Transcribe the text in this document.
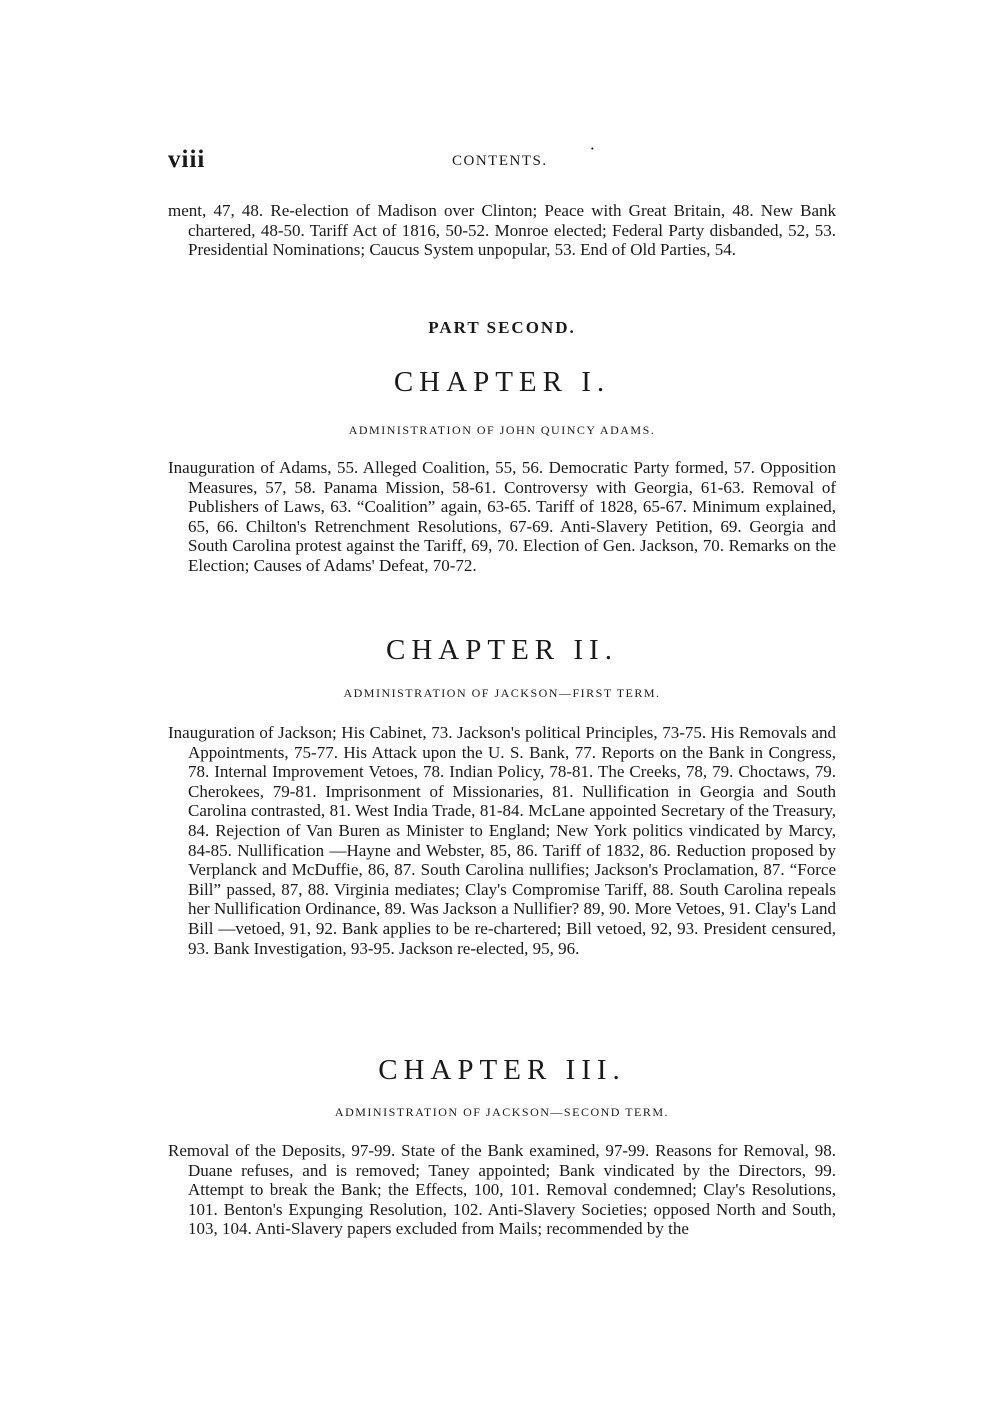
viii	CONTENTS.	˙

ment, 47, 48. Re-election of Madison over Clinton; Peace with Great Britain, 48. New Bank chartered, 48-50. Tariff Act of 1816, 50-52. Monroe elected; Federal Party disbanded, 52, 53. Presidential Nominations; Caucus System unpopular, 53. End of Old Parties, 54.

PART SECOND.
CHAPTER I.
ADMINISTRATION OF JOHN QUINCY ADAMS.

Inauguration of Adams, 55. Alleged Coalition, 55, 56. Democratic Party formed, 57. Opposition Measures, 57, 58. Panama Mission, 58-61. Controversy with Georgia, 61-63. Removal of Publishers of Laws, 63. “Coalition” again, 63-65. Tariff of 1828, 65-67. Minimum explained, 65, 66. Chilton's Retrenchment Resolutions, 67-69. Anti-Slavery Petition, 69. Georgia and South Carolina protest against the Tariff, 69, 70. Election of Gen. Jackson, 70. Remarks on the Election; Causes of Adams' Defeat, 70-72.

CHAPTER II.
ADMINISTRATION OF JACKSON—FIRST TERM.

Inauguration of Jackson; His Cabinet, 73. Jackson's political Principles, 73-75. His Removals and Appointments, 75-77. His Attack upon the U. S. Bank, 77. Reports on the Bank in Congress, 78. Internal Improvement Vetoes, 78. Indian Policy, 78-81. The Creeks, 78, 79. Choctaws, 79. Cherokees, 79-81. Imprisonment of Missionaries, 81. Nullification in Georgia and South Carolina contrasted, 81. West India Trade, 81-84. McLane appointed Secretary of the Treasury, 84. Rejection of Van Buren as Minister to England; New York politics vindicated by Marcy, 84-85. Nullification —Hayne and Webster, 85, 86. Tariff of 1832, 86. Reduction proposed by Verplanck and McDuffie, 86, 87. South Carolina nullifies; Jackson's Proclamation, 87. “Force Bill” passed, 87, 88. Virginia mediates; Clay's Compromise Tariff, 88. South Carolina repeals her Nullification Ordinance, 89. Was Jackson a Nullifier? 89, 90. More Vetoes, 91. Clay's Land Bill —vetoed, 91, 92. Bank applies to be re-chartered; Bill vetoed, 92, 93. President censured, 93. Bank Investigation, 93-95. Jackson re-elected, 95, 96.

CHAPTER III.
ADMINISTRATION OF JACKSON—SECOND TERM.

Removal of the Deposits, 97-99. State of the Bank examined, 97-99. Reasons for Removal, 98. Duane refuses, and is removed; Taney appointed; Bank vindicated by the Directors, 99. Attempt to break the Bank; the Effects, 100, 101. Removal condemned; Clay's Resolutions, 101. Benton's Expunging Resolution, 102. Anti-Slavery Societies; opposed North and South, 103, 104. Anti-Slavery papers excluded from Mails; recommended by the
